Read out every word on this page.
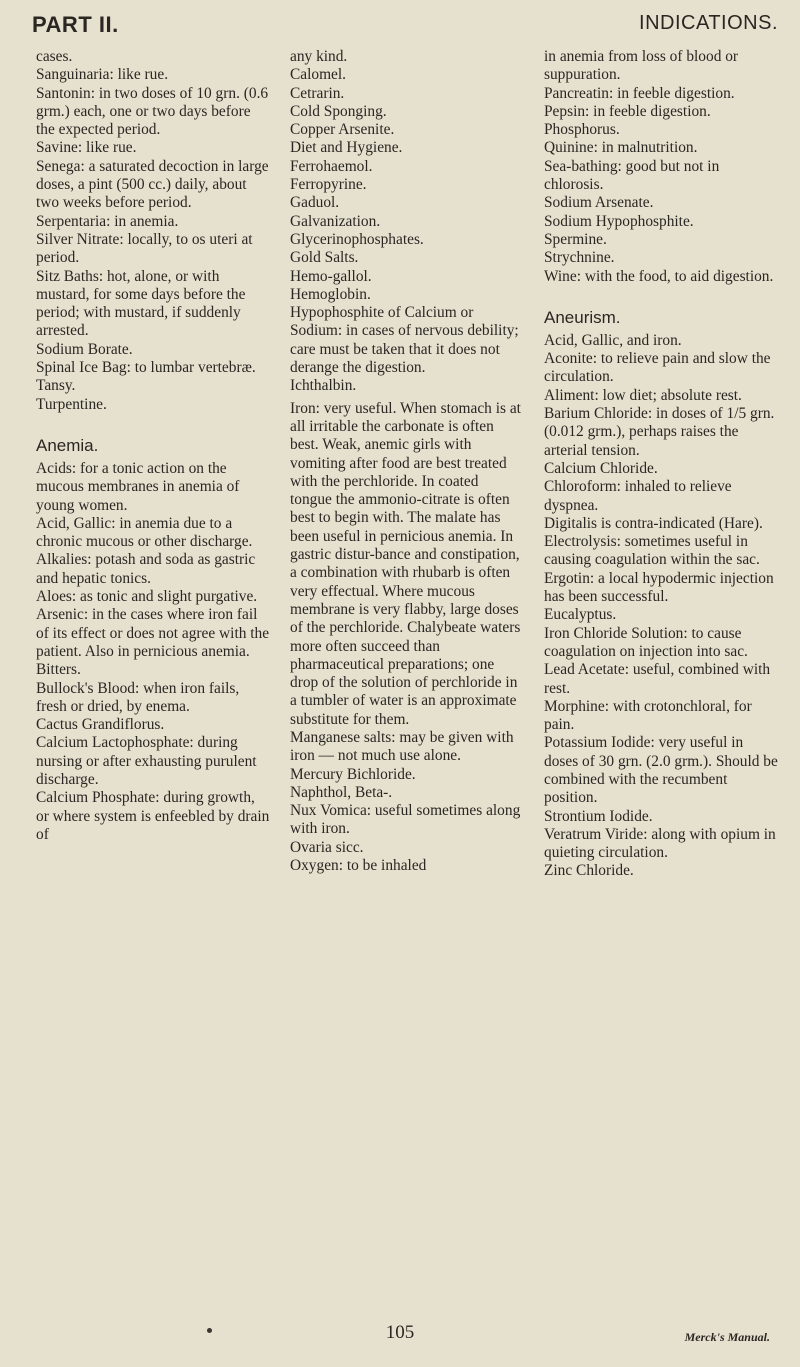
PART II.	INDICATIONS.

cases.

Sanguinaria: like rue.

Santonin: in two doses of 10 grn. (0.6 grm.) each, one or two days before the expected period.

Savine: like rue.

Senega: a saturated decoction in large doses, a pint (500 cc.) daily, about two weeks before period.

Serpentaria: in anemia.

Silver Nitrate: locally, to os uteri at period.

Sitz Baths: hot, alone, or with mustard, for some days before the period; with mustard, if suddenly arrested.

Sodium Borate.

Spinal Ice Bag: to lumbar vertebræ.

Tansy.

Turpentine.

Anemia.

Acids: for a tonic action on the mucous membranes in anemia of young women.

Acid, Gallic: in anemia due to a chronic mucous or other discharge.

Alkalies: potash and soda as gastric and hepatic tonics.

Aloes: as tonic and slight purgative.

Arsenic: in the cases where iron fail of its effect or does not agree with the patient. Also in pernicious anemia.

Bitters.

Bullock's Blood: when iron fails, fresh or dried, by enema.

Cactus Grandiflorus.

Calcium Lactophosphate: during nursing or after exhausting purulent discharge.

Calcium Phosphate: during growth, or where system is enfeebled by drain of

any kind.

Calomel.

Cetrarin.

Cold Sponging.

Copper Arsenite.

Diet and Hygiene.

Ferrohaemol.

Ferropyrine.

Gaduol.

Galvanization.

Glycerinophosphates.

Gold Salts.

Hemo-gallol.

Hemoglobin.

Hypophosphite of Calcium or Sodium: in cases of nervous debility; care must be taken that it does not derange the digestion.

Ichthalbin.

Iron: very useful. When stomach is at all irritable the carbonate is often best. Weak, anemic girls with vomiting after food are best treated with the perchloride. In coated tongue the ammonio-citrate is often best to begin with. The malate has been useful in pernicious anemia. In gastric distur-bance and constipation, a combination with rhubarb is often very effectual. Where mucous membrane is very flabby, large doses of the perchloride. Chalybeate waters more often succeed than pharmaceutical preparations; one drop of the solution of perchloride in a tumbler of water is an approximate substitute for them.

Manganese salts: may be given with iron — not much use alone.

Mercury Bichloride.

Naphthol, Beta-.

Nux Vomica: useful sometimes along with iron.

Ovaria sicc.

Oxygen: to be inhaled

in anemia from loss of blood or suppuration.

Pancreatin: in feeble digestion.

Pepsin: in feeble digestion.

Phosphorus.

Quinine: in malnutrition.

Sea-bathing: good but not in chlorosis.

Sodium Arsenate.

Sodium Hypophosphite.

Spermine.

Strychnine.

Wine: with the food, to aid digestion.

Aneurism.

Acid, Gallic, and iron.

Aconite: to relieve pain and slow the circulation.

Aliment: low diet; absolute rest.

Barium Chloride: in doses of 1/5 grn. (0.012 grm.), perhaps raises the arterial tension.

Calcium Chloride.

Chloroform: inhaled to relieve dyspnea.

Digitalis is contra-indicated (Hare).

Electrolysis: sometimes useful in causing coagulation within the sac.

Ergotin: a local hypodermic injection has been successful.

Eucalyptus.

Iron Chloride Solution: to cause coagulation on injection into sac.

Lead Acetate: useful, combined with rest.

Morphine: with crotonchloral, for pain.

Potassium Iodide: very useful in doses of 30 grn. (2.0 grm.). Should be combined with the recumbent position.

Strontium Iodide.

Veratrum Viride: along with opium in quieting circulation.

Zinc Chloride.

105	Merck's Manual.
